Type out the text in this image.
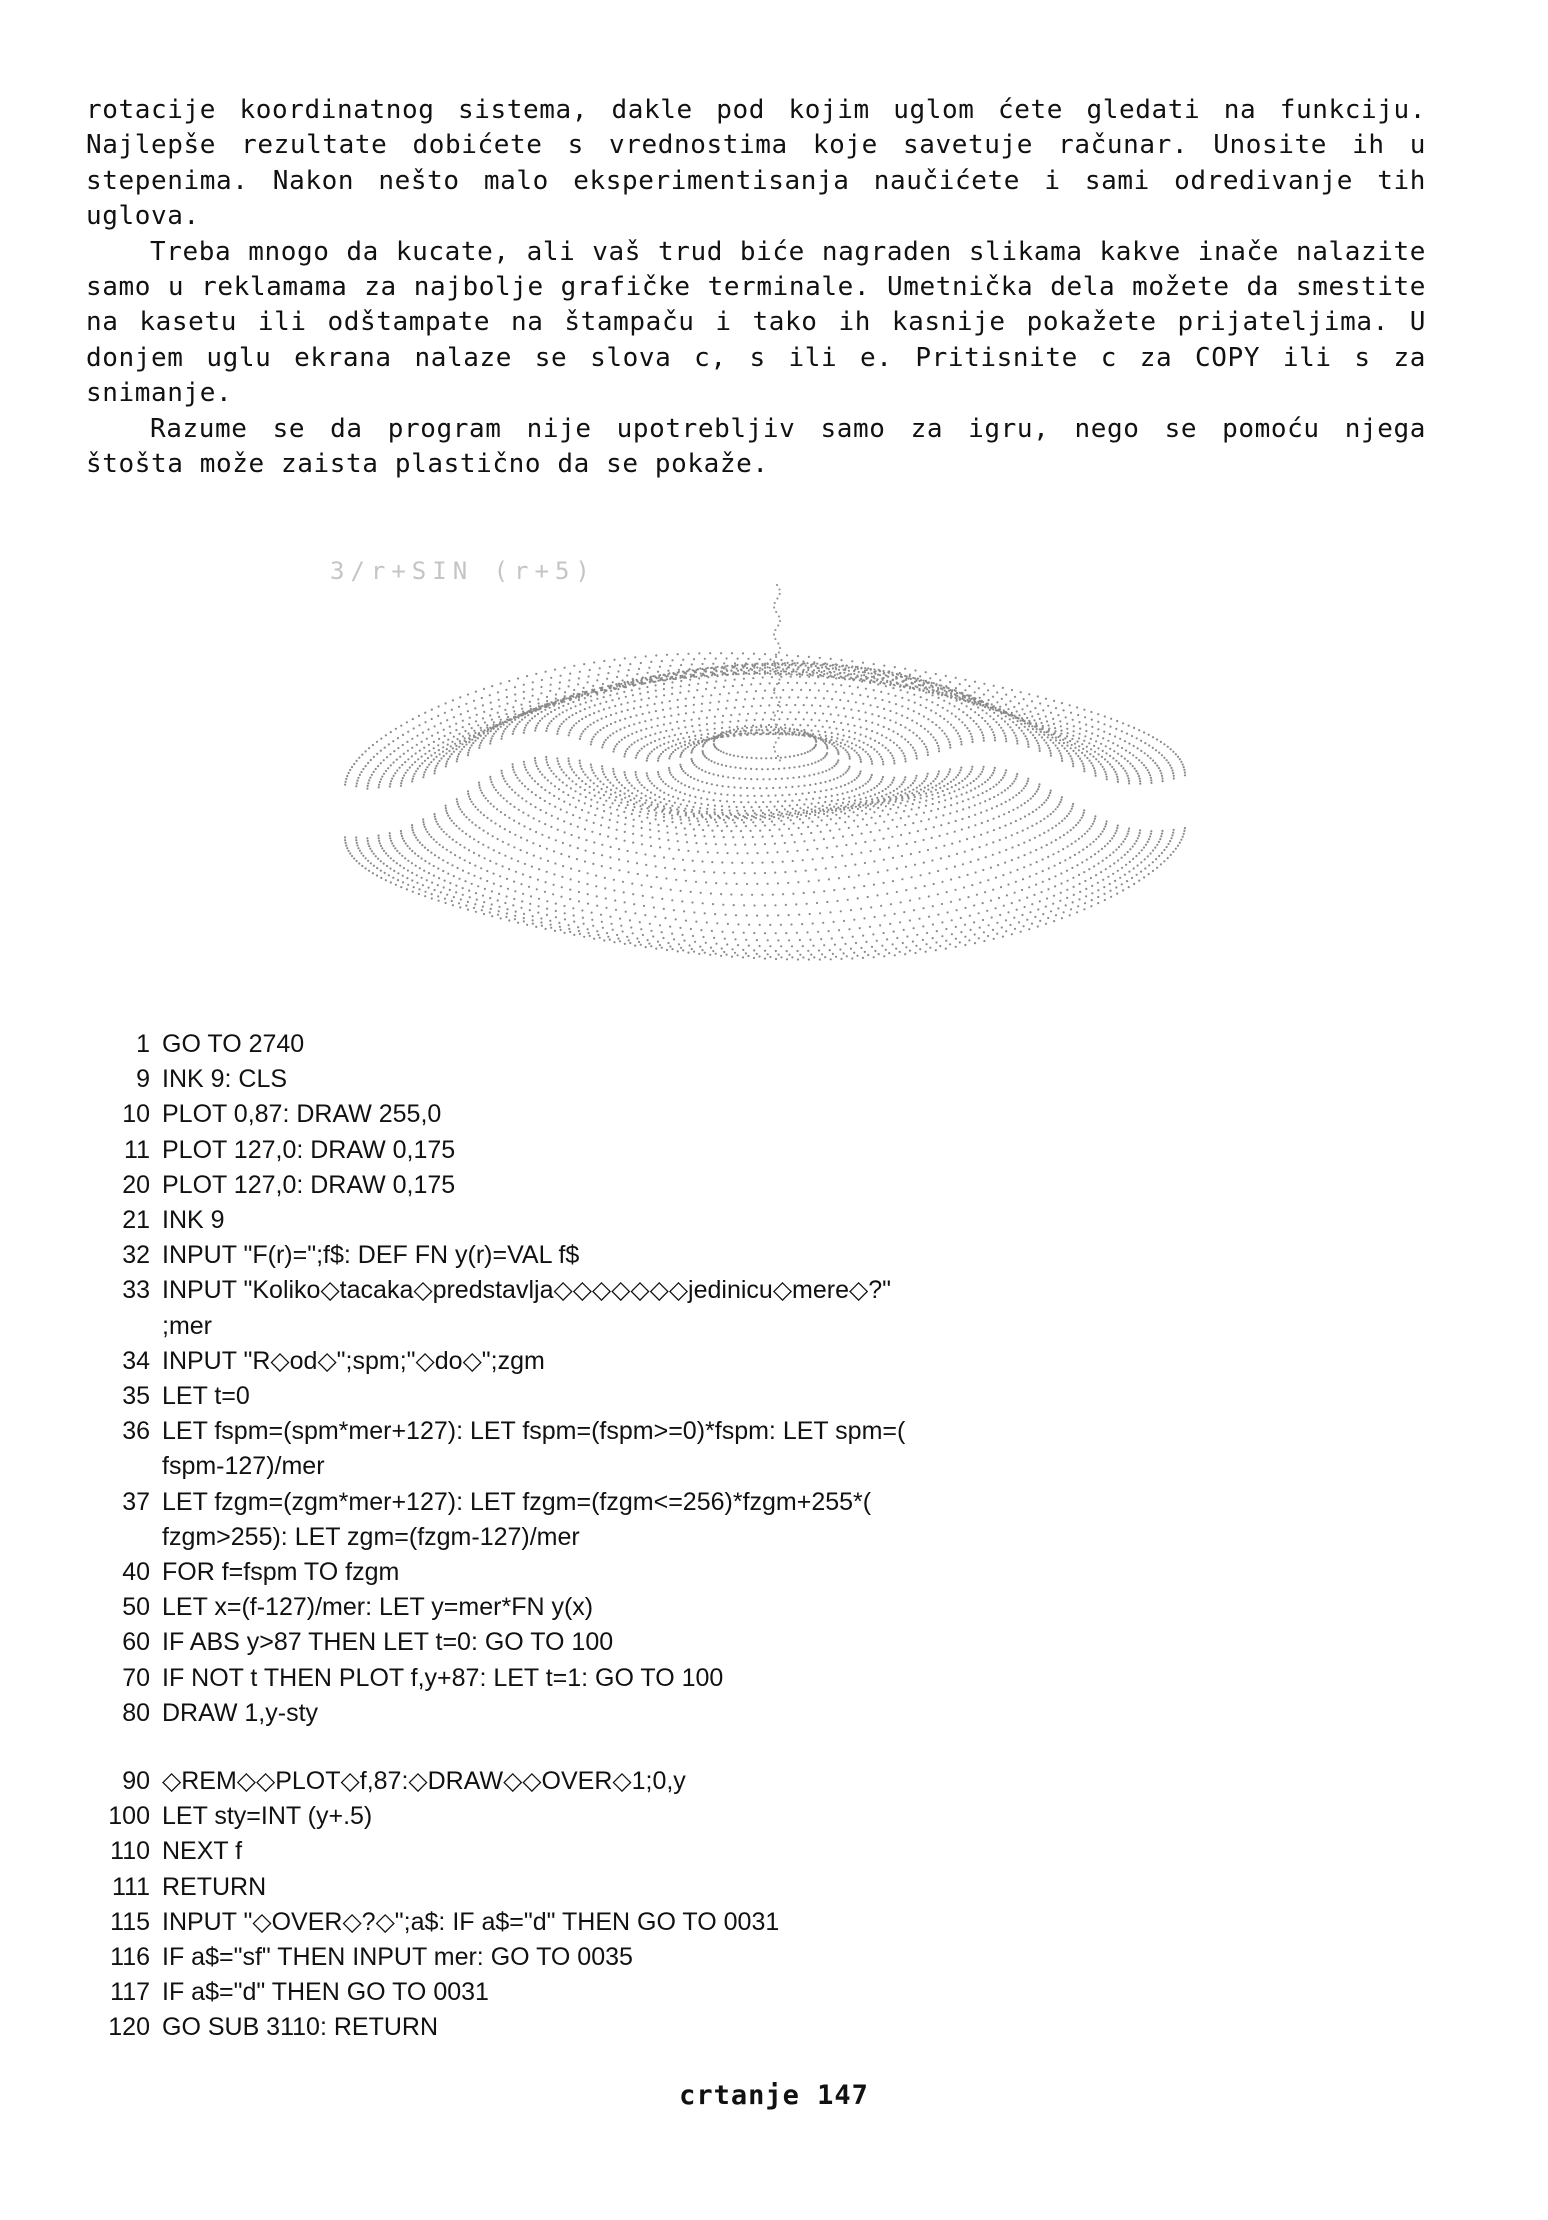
rotacije koordinatnog sistema, dakle pod kojim uglom ćete gledati na funkciju. Najlepše rezultate dobićete s vrednostima koje savetuje računar. Unosite ih u stepenima. Nakon nešto malo eksperimentisanja naučićete i sami odredivanje tih uglova.

Treba mnogo da kucate, ali vaš trud biće nagraden slikama kakve inače nalazite samo u reklamama za najbolje grafičke terminale. Umetnička dela možete da smestite na kasetu ili odštampate na štampaču i tako ih kasnije pokažete prijateljima. U donjem uglu ekrana nalaze se slova c, s ili e. Pritisnite c za COPY ili s za snimanje.

Razume se da program nije upotrebljiv samo za igru, nego se pomoću njega štošta može zaista plastično da se pokaže.

3/r+SIN (r+5)
1 GO TO 2740
9 INK 9: CLS
10 PLOT 0,87: DRAW 255,0
11 PLOT 127,0: DRAW 0,175
20 PLOT 127,0: DRAW 0,175
21 INK 9
32 INPUT "F(r)=";f$: DEF FN y(r)=VAL f$
33 INPUT "Koliko◇tacaka◇predstavlja◇◇◇◇◇◇◇jedinicu◇mere◇?"
;mer
34 INPUT "R◇od◇";spm;"◇do◇";zgm
35 LET t=0
36 LET fspm=(spm*mer+127): LET fspm=(fspm>=0)*fspm: LET spm=(
fspm-127)/mer
37 LET fzgm=(zgm*mer+127): LET fzgm=(fzgm<=256)*fzgm+255*(
fzgm>255): LET zgm=(fzgm-127)/mer
40 FOR f=fspm TO fzgm
50 LET x=(f-127)/mer: LET y=mer*FN y(x)
60 IF ABS y>87 THEN LET t=0: GO TO 100
70 IF NOT t THEN PLOT f,y+87: LET t=1: GO TO 100
80 DRAW 1,y-sty
90 ◇REM◇◇PLOT◇f,87:◇DRAW◇◇OVER◇1;0,y
100 LET sty=INT (y+.5)
110 NEXT f
111 RETURN
115 INPUT "◇OVER◇?◇";a$: IF a$="d" THEN GO TO 0031
116 IF a$="sf" THEN INPUT mer: GO TO 0035
117 IF a$="d" THEN GO TO 0031
120 GO SUB 3110: RETURN
crtanje 147
